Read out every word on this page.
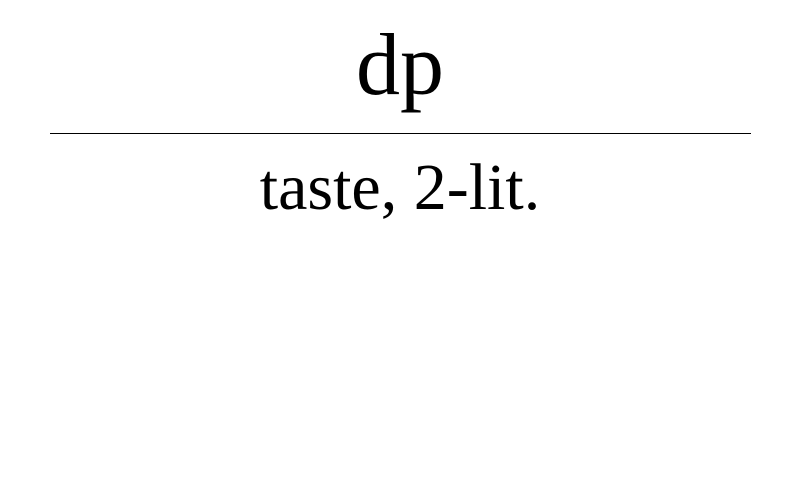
dp
taste, 2-lit.
